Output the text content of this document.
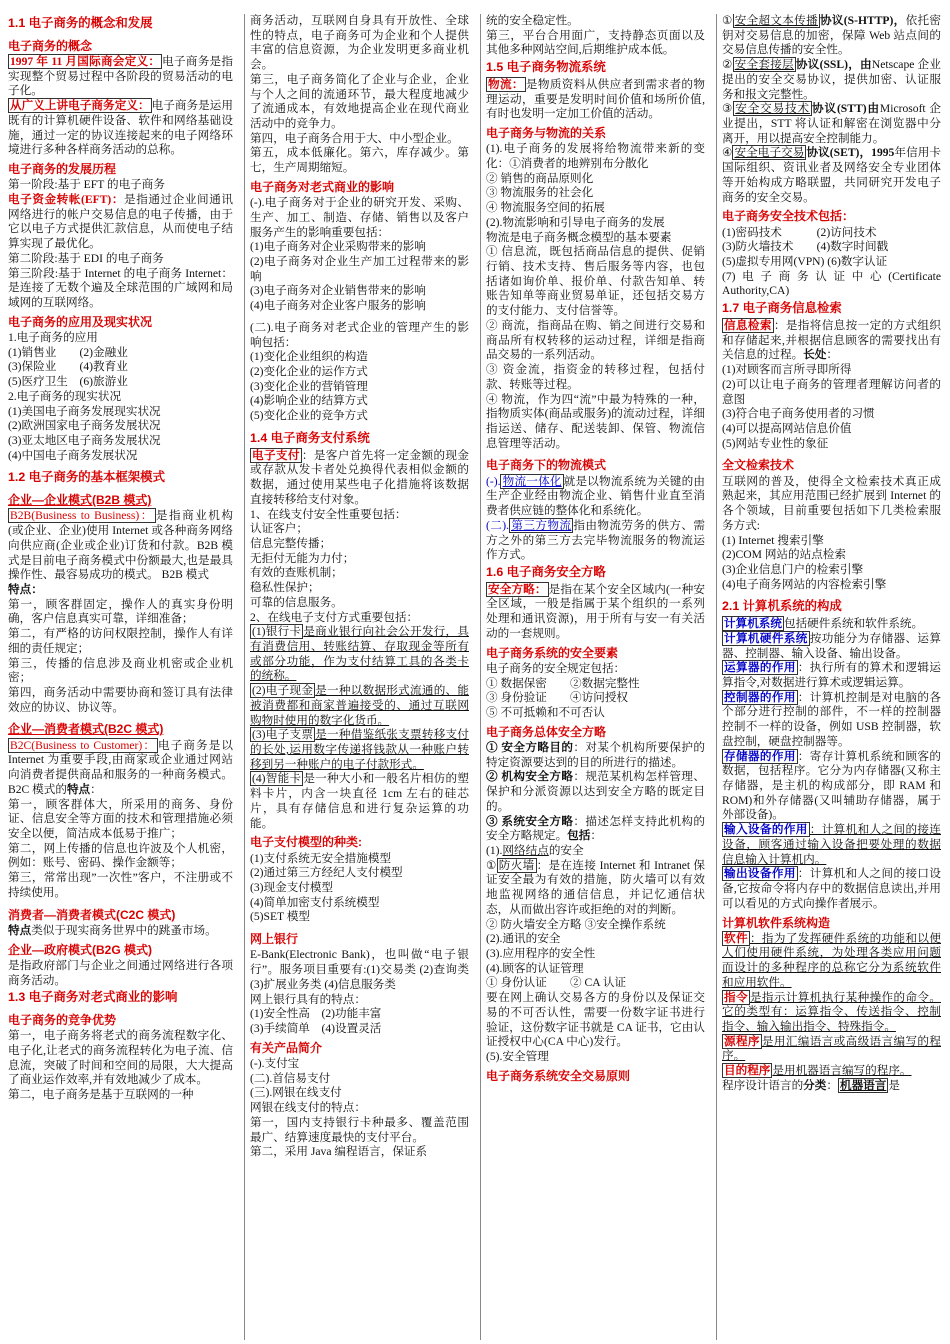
1.1 电子商务的概念和发展
电子商务的概念

1997 年 11 月国际商会定义： 电子商务是指实现整个贸易过程中各阶段的贸易活动的电子化。

从广义上讲电子商务定义： 电子商务是运用既有的计算机硬件设备、软件和网络基础设施，通过一定的协议连接起来的电子网络环境进行多种各样商务活动的总称。

电子商务的发展历程

第一阶段:基于 EFT 的电子商务

电子资金转帐(EFT)：是指通过企业间通讯网络进行的帐户交易信息的电子传播，由于它以电子方式提供汇款信息，从而使电子结算实现了最优化。

第二阶段:基于 EDI 的电子商务

第三阶段:基于 Internet 的电子商务 Internet：是连接了无数个遍及全球范围的广域网和局域网的互联网络。

电子商务的应用及现实状况

1.电子商务的应用

(1)销售业　　(2)金融业

(3)保险业　　(4)教育业

(5)医疗卫生　(6)旅游业

2.电子商务的现实状况

(1)美国电子商务发展现实状况

(2)欧洲国家电子商务发展状况

(3)亚太地区电子商务发展状况

(4)中国电子商务发展状况

1.2 电子商务的基本框架模式
企业—企业模式(B2B 模式)

B2B(Business to Business)： 是指商业机构(或企业、企业)使用 Internet 或各种商务网络向供应商(企业或企业)订货和付款。B2B 模式是目前电子商务模式中份额最大,也是最具操作性、最容易成功的模式。 B2B 模式

特点：

第一，顾客群固定，操作人的真实身份明确，客户信息真实可靠，详细准备；

第二，有严格的访问权限控制，操作人有详细的责任规定；

第三，传播的信息涉及商业机密或企业机密；

第四，商务活动中需要协商和签订具有法律效应的协议、协议等。

企业—消费者模式(B2C 模式)

B2C(Business to Customer)： 电子商务是以 Internet 为重要手段,由商家或企业通过网站向消费者提供商品和服务的一种商务模式。 B2C 模式的特点：

第一，顾客群体大，所采用的商务、身份证、信息安全等方面的技术和管理措施必须安全以便，简洁成本低易于推广；

第二，网上传播的信息也许波及个人机密，例如：账号、密码、操作金额等；

第三，常常出现”一次性”客户，不注册或不持续使用。

消费者—消费者模式(C2C 模式)

特点类似于现实商务世界中的跳蚤市场。

企业—政府模式(B2G 模式)

是指政府部门与企业之间通过网络进行各项商务活动。

1.3 电子商务对老式商业的影响
电子商务的竞争优势

第一，电子商务将老式的商务流程数字化、电子化,让老式的商务流程转化为电子流、信息流，突破了时间和空间的局限，大大提高了商业运作效率,并有效地减少了成本。

第二，电子商务是基于互联网的一种

商务活动，互联网自身具有开放性、全球性的特点，电子商务可为企业和个人提供丰富的信息资源，为企业发明更多商业机会。

第三，电子商务简化了企业与企业，企业与个人之间的流通环节，最大程度地减少了流通成本，有效地提高企业在现代商业活动中的竞争力。

第四，电子商务合用于大、中小型企业。

第五，成本低廉化。第六，库存减少。第七，生产周期缩短。

电子商务对老式商业的影响

(-).电子商务对于企业的研究开发、采购、生产、加工、制造、存储、销售以及客户服务产生的影响重要包括：

(1)电子商务对企业采购带来的影响

(2)电子商务对企业生产加工过程带来的影响

(3)电子商务对企业销售带来的影响

(4)电子商务对企业客户服务的影响

(二).电子商务对老式企业的管理产生的影响包括：

(1)变化企业组织的构造

(2)变化企业的运作方式

(3)变化企业的营销管理

(4)影响企业的结算方式

(5)变化企业的竞争方式

1.4 电子商务支付系统

电子支付 ：是客户首先将一定金额的现金或存款从发卡者处兑换得代表相似金额的数据，通过使用某些电子化措施将该数据直接转移给支付对象。

1、在线支付安全性重要包括：

认证客户；

信息完整传播；

无拒付无能为力付；

有效的查账机制；

稳私性保护；

可靠的信息服务。

2、在线电子支付方式重要包括：

(1)银行卡 是商业银行向社会公开发行，具有消费信用、转账结算、存取现金等所有或部分功能，作为支付结算工具的各类卡的统称。

(2)电子现金 是一种以数据形式流通的、能被消费都和商家普遍接受的、通过互联网购物时使用的数字化货币。

(3)电子支票 是一种借鉴纸张支票转移支付的长处,运用数字传递将钱款从一种账户转移到另一种账户的电子付款形式。

(4)智能卡 是一种大小和一般名片相仿的塑料卡片，内含一块直径 1cm 左右的硅芯片，具有存储信息和进行复杂运算的功能。

电子支付模型的种类:

(1)支付系统无安全措施模型

(2)通过第三方经纪人支付模型

(3)现金支付模型

(4)简单加密支付系统模型

(5)SET 模型

网上银行

E-Bank(Electronic Bank)，也叫做“电子银行”。服务项目重要有:(1)交易类 (2)查询类(3)扩展业务类 (4)信息服务类

网上银行具有的特点：

(1)安全性高　(2)功能丰富

(3)手续简单　(4)设置灵活

有关产品简介

(-).支付宝

(二).首信易支付

(三).网银在线支付

网银在线支付的特点：

第一，国内支持银行卡种最多、覆盖范围最广、结算速度最快的支付平台。

第二，采用 Java 编程语言，保证系

统的安全稳定性。

第三，平台合用面广，支持静态页面以及其他多种网站空间,后期维护成本低。

1.5 电子商务物流系统

物流： 是物质资料从供应者到需求者的物理运动，重要是发明时间价值和场所价值,有时也发明一定加工价值的活动。

电子商务与物流的关系

(1).电子商务的发展将给物流带来新的变化：①消费者的地辨别布分散化

② 销售的商品原则化

③ 物流服务的社会化

④ 物流服务空间的拓展

(2).物流影响和引导电子商务的发展

物流是电子商务概念模型的基本要素

① 信息流，既包括商品信息的提供、促销行销、技术支持、售后服务等内容，也包括诸如询价单、报价单、付款告知单、转账告知单等商业贸易单证，还包括交易方的支付能力、支付信誉等。

② 商流，指商品在购、销之间进行交易和商品所有权转移的运动过程，详细是指商品交易的一系列活动。

③ 资金流，指资金的转移过程，包括付款、转账等过程。

④ 物流，作为四“流”中最为特殊的一种，指物质实体(商品或服务)的流动过程，详细指运送、储存、配送装卸、保管、物流信息管理等活动。

电子商务下的物流模式

(-). 物流一体化 就是以物流系统为关键的由生产企业经由物流企业、销售什业直至消费者供应链的整体化和系统化。

(二). 第三方物流 指由物流劳务的供方、需方之外的第三方去完毕物流服务的物流运作方式。

1.6 电子商务安全方略

安全方略： 是指在某个安全区域内(一种安全区域，一般是指属于某个组织的一系列处理和通讯资源)，用于所有与安一有关活动的一套规则。

电子商务系统的安全要素

电子商务的安全规定包括：

① 数据保密　　②数据完整性

③ 身份验证　　④访问授权

⑤ 不可抵赖和不可否认

电子商务总体安全方略

① 安全方略目的：对某个机构所要保护的特定资源要达到的目的所进行的描述。

② 机构安全方略：规范某机构怎样管理、保护和分派资源以达到安全方略的既定目的。

③ 系统安全方略：描述怎样支持此机构的安全方略规定。包括：

(1).网络结点的安全

① 防火墙 ：是在连接 Internet 和 Intranet 保证安全最为有效的措施，防火墙可以有效地监视网络的通信信息，并记忆通信状态，从而做出容许或拒绝的对的判断。

② 防火墙安全方略 ③安全操作系统

(2).通讯的安全

(3).应用程序的安全性

(4).顾客的认证管理

① 身份认证　　② CA 认证

要在网上确认交易各方的身份以及保证交易的不可否认性，需要一份数字证书进行验证，这份数字证书就是 CA 证书，它由认证授权中心(CA 中心)发行。

(5).安全管理

电子商务系统安全交易原则

① 安全超文本传播 协议(S-HTTP)，依托密钥对交易信息的加密，保障 Web 站点间的交易信息传播的安全性。

② 安全套接层 协议(SSL)，由Netscape 企业提出的安全交易协议，提供加密、认证服务和报文完整性。

③ 安全交易技术 协议(STT)由Microsoft 企业提出，STT 将认证和解密在浏览器中分离开，用以提高安全控制能力。

④ 安全电子交易 协议(SET)，1995年信用卡国际组织、资讯业者及网络安全专业团体等开始构成方略联盟，共同研究开发电子商务的安全交易。

电子商务安全技术包括：

(1)密码技术　　　(2)访问技术

(3)防火墙技术　　(4)数字时间戳

(5)虚拟专用网(VPN) (6)数字认证

(7)电子商务认证中心(Certificate Authority,CA)

1.7 电子商务信息检索

信息检索 ：是指将信息按一定的方式组织和存储起来,并根据信息顾客的需要找出有关信息的过程。长处：

(1)对顾客而言所寻即所得

(2)可以让电子商务的管理者理解访问者的意图

(3)符合电子商务使用者的习惯

(4)可以提高网站信息价值

(5)网站专业性的象征

全文检索技术

互联网的普及，使得全文检索技术真正成熟起来，其应用范围已经扩展到 Internet 的各个领域，目前重要包括如下几类检索服务方式:

(1) Internet 搜索引擎

(2)COM 网站的站点检索

(3)企业信息门户的检索引擎

(4)电子商务网站的内容检索引擎

2.1 计算机系统的构成

计算机系统 包括硬件系统和软件系统。

计算机硬件系统 按功能分为存储器、运算器、控制器、输入设备、输出设备。

运算器的作用 ：执行所有的算术和逻辑运算指令,对数据进行算术或逻辑运算。

控制器的作用 ：计算机控制是对电脑的各个部分进行控制的部件，不一样的控制器控制不一样的设备，例如 USB 控制器，软盘控制，硬盘控制器等。

存储器的作用 ：寄存计算机系统和顾客的数据，包括程序。它分为内存储器(又称主存储器，是主机的构成部分，即 RAM 和 ROM)和外存储器(又叫辅助存储器，属于外部设备)。

输入设备的作用 ：计算机和人之间的接连设备，顾客通过输入设备把要处理的数据信息输入计算机内。

输出设备作用 ：计算机和人之间的接口设备,它按命令将内存中的数据信息读出,并用可以看见的方式向操作者展示。

计算机软件系统构造

软件 ：指为了发挥硬件系统的功能和以便人们使用硬件系统，为处理各类应用问题而设计的多种程序的总称它分为系统软件和应用软件。

指令 是指示计算机执行某种操作的命令。它的类型有：运算指令、传送指令、控制指令、输入输出指令、特殊指令。

源程序 是用汇编语言或高级语言编写的程序。

目的程序 是用机器语言编写的程序。

程序设计语言的分类： 机器语言 是
